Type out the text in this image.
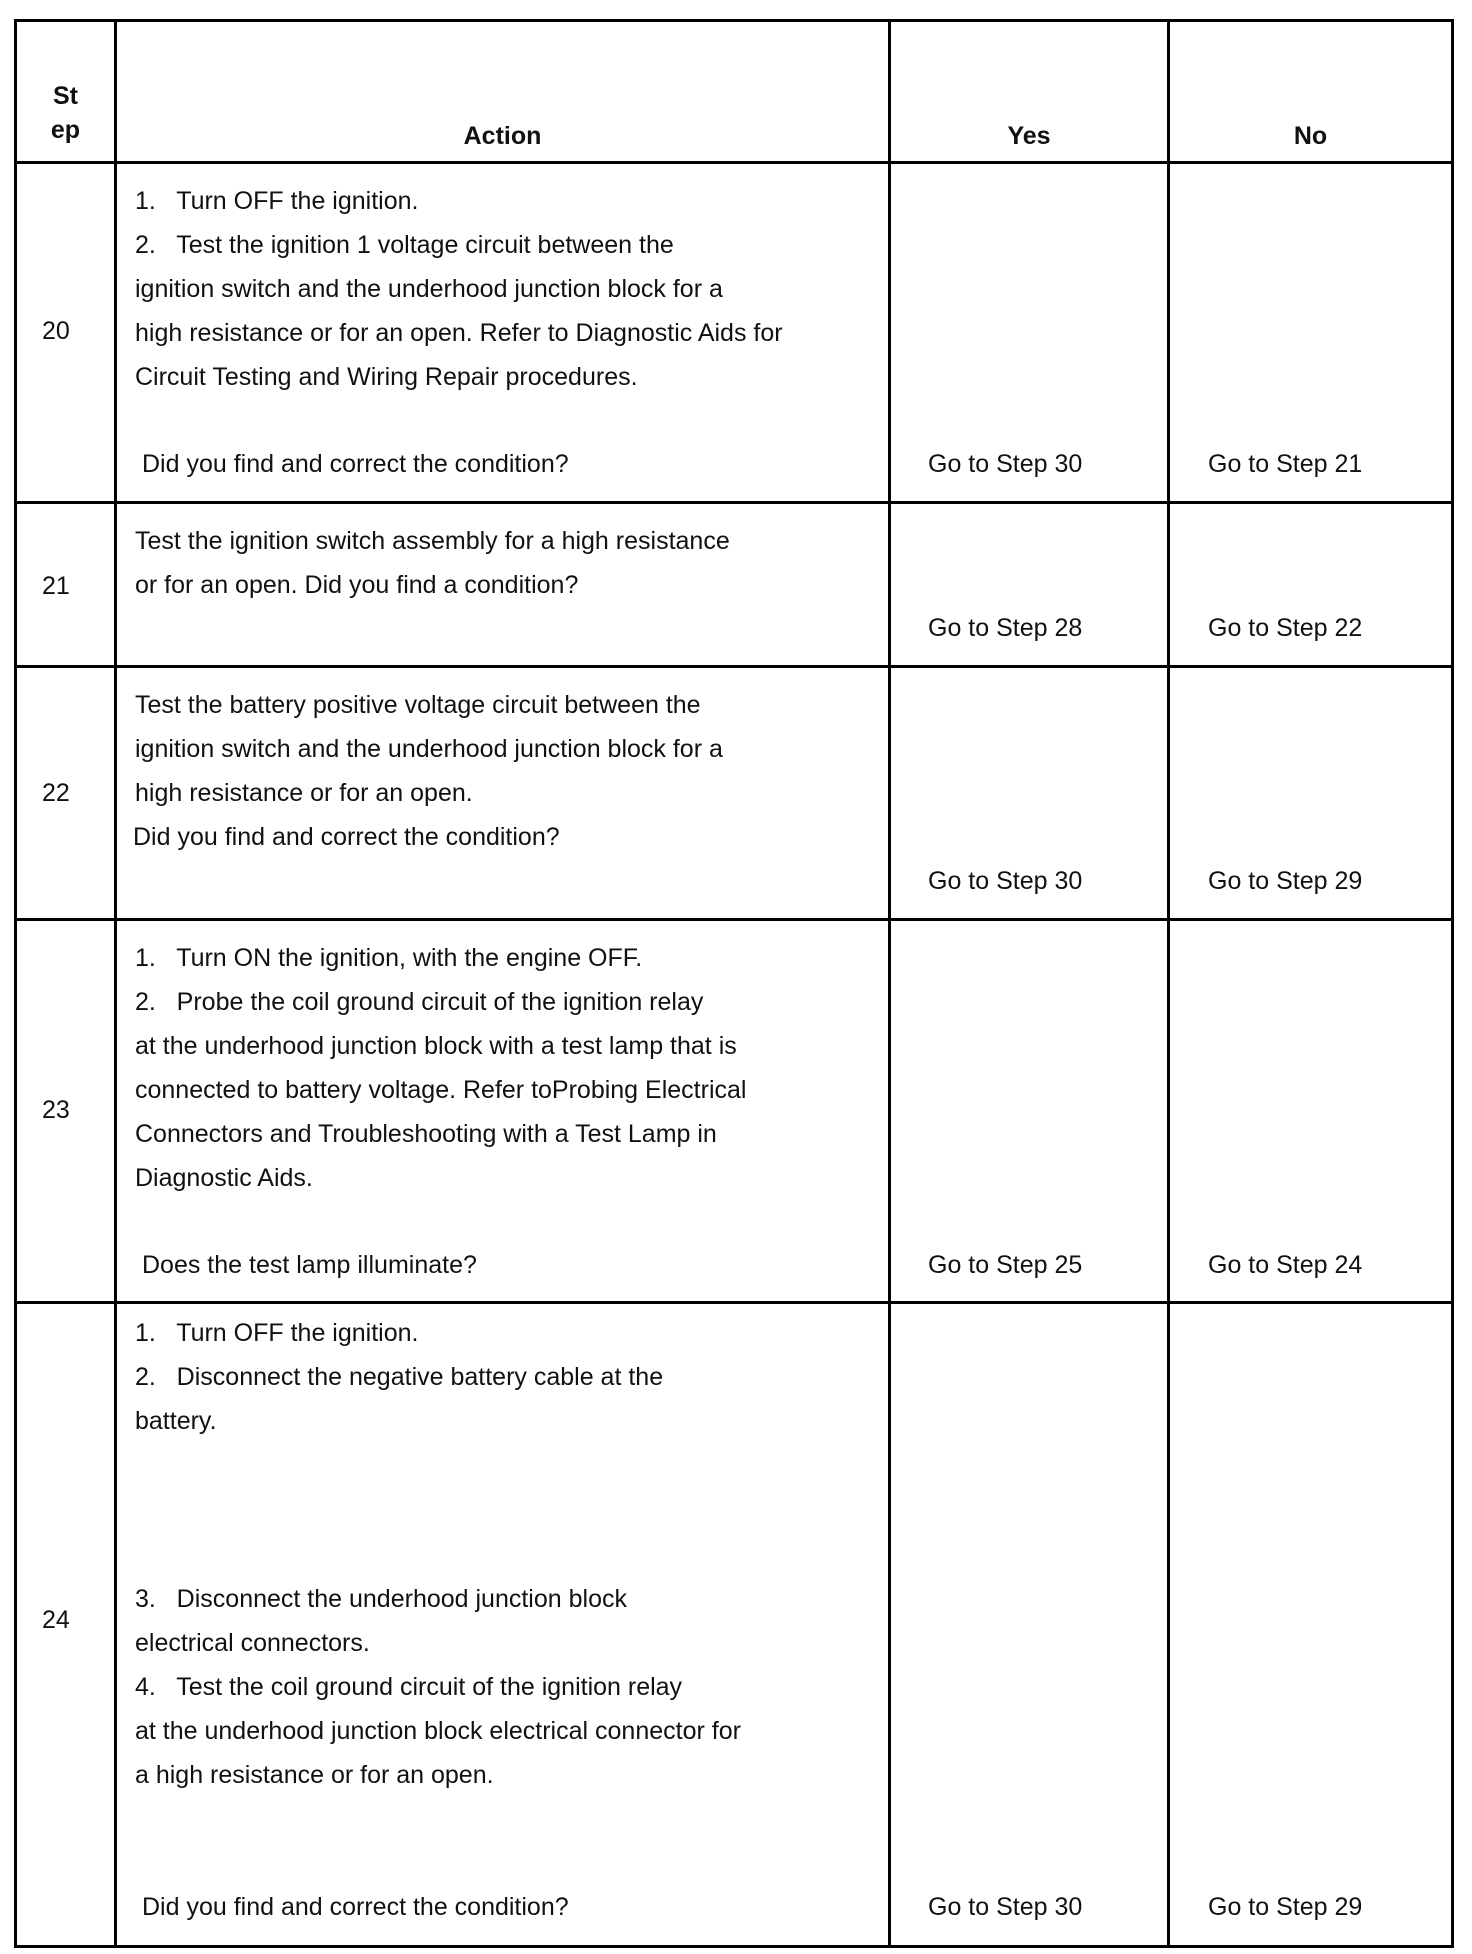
St
ep	Action	Yes	No
20
1.   Turn OFF the ignition.
2.   Test the ignition 1 voltage circuit between the
ignition switch and the underhood junction block for a
high resistance or for an open. Refer to Diagnostic Aids for
Circuit Testing and Wiring Repair procedures.
Did you find and correct the condition?	Go to Step 30	Go to Step 21
21
Test the ignition switch assembly for a high resistance
or for an open. Did you find a condition?
Go to Step 28	Go to Step 22
22
Test the battery positive voltage circuit between the
ignition switch and the underhood junction block for a
high resistance or for an open.
Did you find and correct the condition?
Go to Step 30	Go to Step 29
23
1.   Turn ON the ignition, with the engine OFF.
2.   Probe the coil ground circuit of the ignition relay
at the underhood junction block with a test lamp that is
connected to battery voltage. Refer toProbing Electrical
Connectors and Troubleshooting with a Test Lamp in
Diagnostic Aids.
Does the test lamp illuminate?	Go to Step 25	Go to Step 24
24
1.   Turn OFF the ignition.
2.   Disconnect the negative battery cable at the
battery.
3.   Disconnect the underhood junction block
electrical connectors.
4.   Test the coil ground circuit of the ignition relay
at the underhood junction block electrical connector for
a high resistance or for an open.
Did you find and correct the condition?	Go to Step 30	Go to Step 29
